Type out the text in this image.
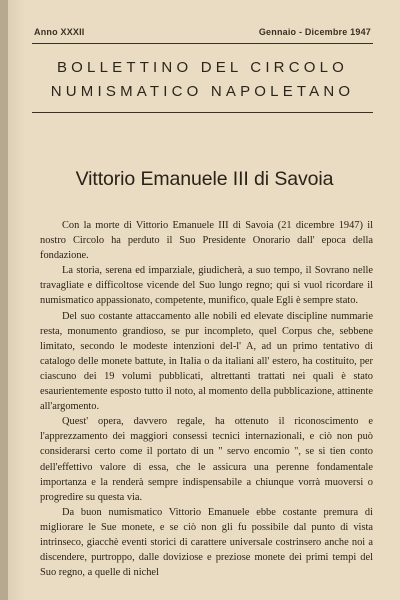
Anno XXXII	Gennaio - Dicembre 1947
BOLLETTINO DEL CIRCOLO
NUMISMATICO NAPOLETANO
Vittorio Emanuele III di Savoia

Con la morte di Vittorio Emanuele III di Savoia (21 dicembre 1947) il nostro Circolo ha perduto il Suo Presidente Onorario dall' epoca della fondazione.

La storia, serena ed imparziale, giudicherà, a suo tempo, il Sovrano nelle travagliate e difficoltose vicende del Suo lungo regno; qui si vuol ricordare il numismatico appassionato, competente, munifico, quale Egli è sempre stato.

Del suo costante attaccamento alle nobili ed elevate discipline nummarie resta, monumento grandioso, se pur incompleto, quel Corpus che, sebbene limitato, secondo le modeste intenzioni del-l' A, ad un primo tentativo di catalogo delle monete battute, in Italia o da italiani all' estero, ha costituito, per ciascuno dei 19 volumi pubblicati, altrettanti trattati nei quali è stato esaurientemente esposto tutto il noto, al momento della pubblicazione, attinente all'argomento.

Quest' opera, davvero regale, ha ottenuto il riconoscimento e l'apprezzamento dei maggiori consessi tecnici internazionali, e ciò non può considerarsi certo come il portato di un " servo encomio ", se si tien conto dell'effettivo valore di essa, che le assicura una perenne fondamentale importanza e la renderà sempre indispensabile a chiunque vorrà muoversi o progredire su questa via.

Da buon numismatico Vittorio Emanuele ebbe costante premura di migliorare le Sue monete, e se ciò non gli fu possibile dal punto di vista intrinseco, giacchè eventi storici di carattere universale costrinsero anche noi a discendere, purtroppo, dalle doviziose e preziose monete dei primi tempi del Suo regno, a quelle di nichel
